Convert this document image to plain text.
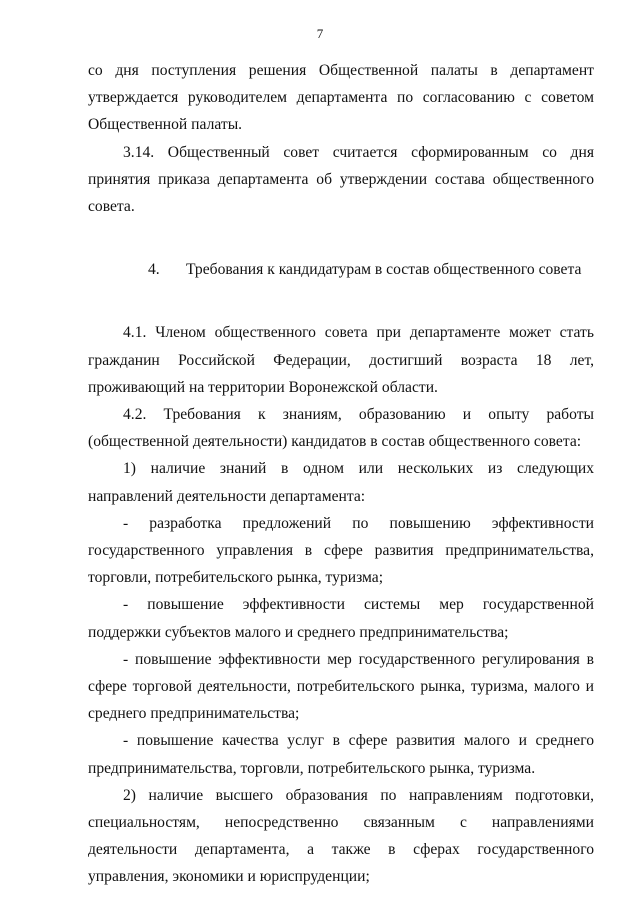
7

со дня поступления решения Общественной палаты в департамент утверждается руководителем департамента по согласованию с советом Общественной палаты.

3.14. Общественный совет считается сформированным со дня принятия приказа департамента об утверждении состава общественного совета.

4. Требования к кандидатурам в состав общественного совета

4.1. Членом общественного совета при департаменте может стать гражданин Российской Федерации, достигший возраста 18 лет, проживающий на территории Воронежской области.

4.2. Требования к знаниям, образованию и опыту работы (общественной деятельности) кандидатов в состав общественного совета:

1) наличие знаний в одном или нескольких из следующих направлений деятельности департамента:

- разработка предложений по повышению эффективности государственного управления в сфере развития предпринимательства, торговли, потребительского рынка, туризма;

- повышение эффективности системы мер государственной поддержки субъектов малого и среднего предпринимательства;

- повышение эффективности мер государственного регулирования в сфере торговой деятельности, потребительского рынка, туризма, малого и среднего предпринимательства;

- повышение качества услуг в сфере развития малого и среднего предпринимательства, торговли, потребительского рынка, туризма.

2) наличие высшего образования по направлениям подготовки, специальностям, непосредственно связанным с направлениями деятельности департамента, а также в сферах государственного управления, экономики и юриспруденции;
